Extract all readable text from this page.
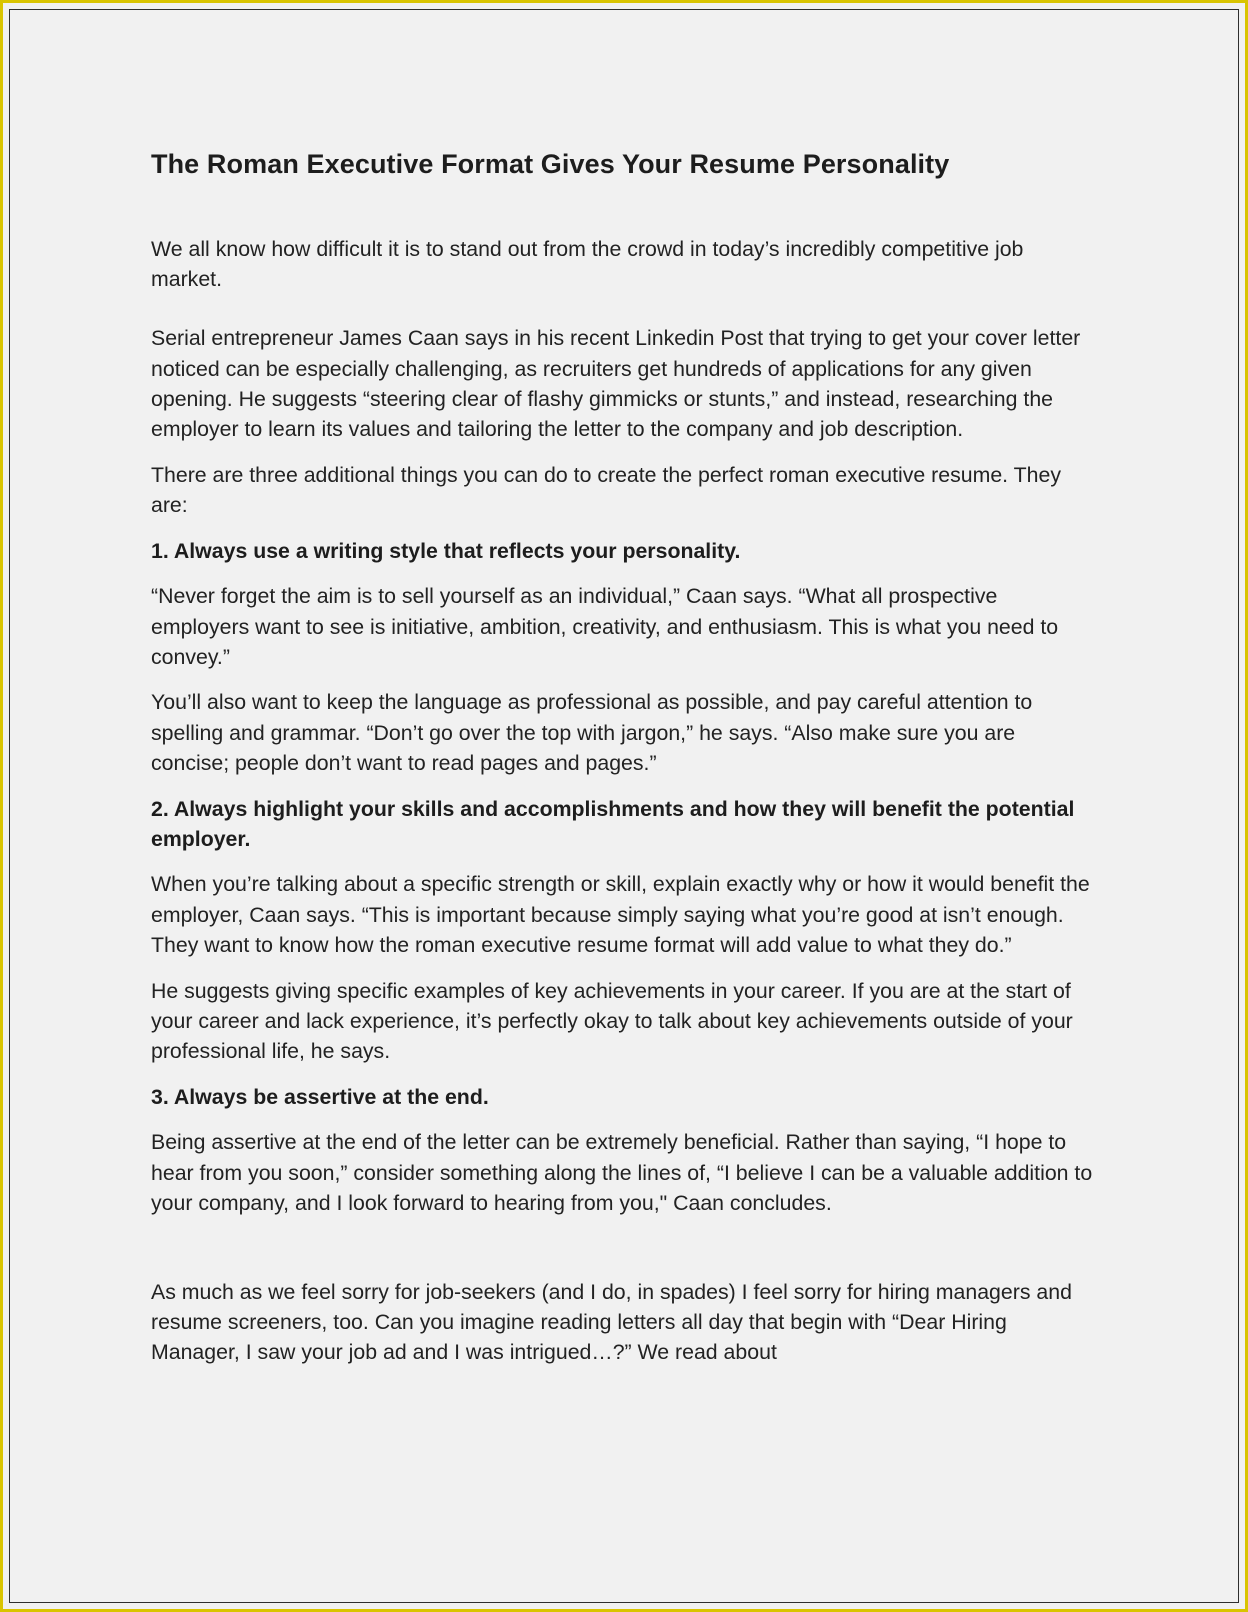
The Roman Executive Format Gives Your Resume Personality

We all know how difficult it is to stand out from the crowd in today’s incredibly competitive job market.

Serial entrepreneur James Caan says in his recent Linkedin Post that trying to get your cover letter noticed can be especially challenging, as recruiters get hundreds of applications for any given opening. He suggests “steering clear of flashy gimmicks or stunts,” and instead, researching the employer to learn its values and tailoring the letter to the company and job description.

There are three additional things you can do to create the perfect roman executive resume. They are:

1. Always use a writing style that reflects your personality.

“Never forget the aim is to sell yourself as an individual,” Caan says. “What all prospective employers want to see is initiative, ambition, creativity, and enthusiasm. This is what you need to convey.”

You’ll also want to keep the language as professional as possible, and pay careful attention to spelling and grammar. “Don’t go over the top with jargon,” he says. “Also make sure you are concise; people don’t want to read pages and pages.”

2. Always highlight your skills and accomplishments and how they will benefit the potential employer.

When you’re talking about a specific strength or skill, explain exactly why or how it would benefit the employer, Caan says. “This is important because simply saying what you’re good at isn’t enough. They want to know how the roman executive resume format will add value to what they do.”

He suggests giving specific examples of key achievements in your career. If you are at the start of your career and lack experience, it’s perfectly okay to talk about key achievements outside of your professional life, he says.

3. Always be assertive at the end.

Being assertive at the end of the letter can be extremely beneficial. Rather than saying, “I hope to hear from you soon,” consider something along the lines of, “I believe I can be a valuable addition to your company, and I look forward to hearing from you," Caan concludes.

As much as we feel sorry for job-seekers (and I do, in spades) I feel sorry for hiring managers and resume screeners, too. Can you imagine reading letters all day that begin with “Dear Hiring Manager, I saw your job ad and I was intrigued…?” We read about
